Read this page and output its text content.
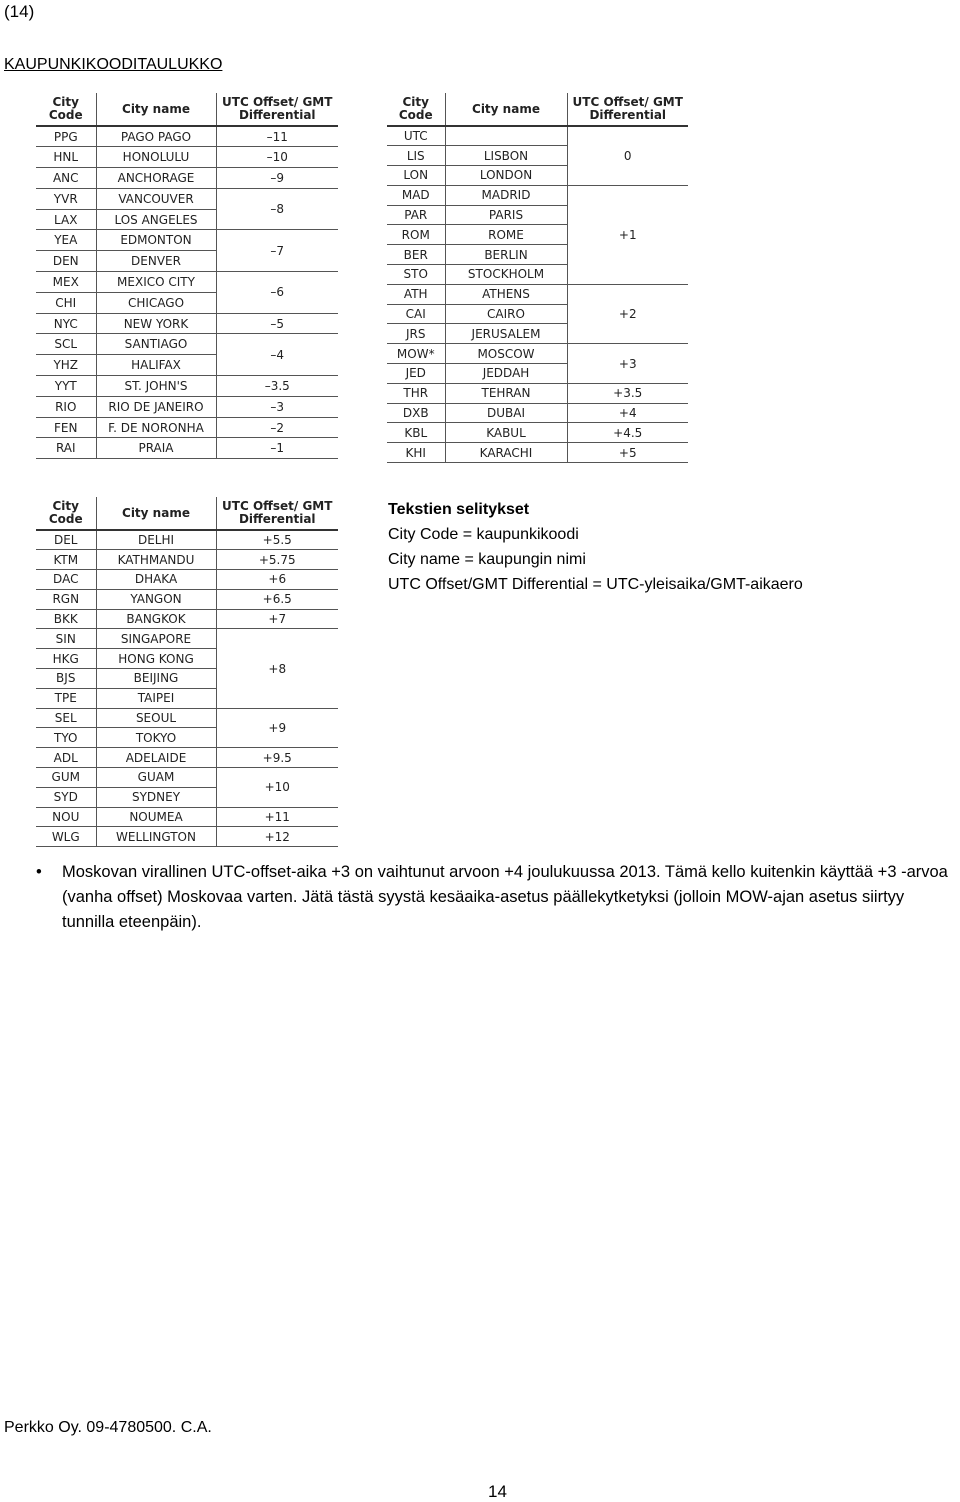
(14)
KAUPUNKIKOODITAULUKKO
City Code	City name	UTC Offset/ GMT Differential
PPG	PAGO PAGO	–11
HNL	HONOLULU	–10
ANC	ANCHORAGE	–9
YVR	VANCOUVER	–8
LAX	LOS ANGELES	
YEA	EDMONTON	–7
DEN	DENVER	
MEX	MEXICO CITY	–6
CHI	CHICAGO	
NYC	NEW YORK	–5
SCL	SANTIAGO	–4
YHZ	HALIFAX	
YYT	ST. JOHN'S	–3.5
RIO	RIO DE JANEIRO	–3
FEN	F. DE NORONHA	–2
RAI	PRAIA	–1
City Code	City name	UTC Offset/ GMT Differential
UTC		0
LIS	LISBON	
LON	LONDON	
MAD	MADRID	+1
PAR	PARIS	
ROM	ROME	
BER	BERLIN	
STO	STOCKHOLM	
ATH	ATHENS	+2
CAI	CAIRO	
JRS	JERUSALEM	
MOW*	MOSCOW	+3
JED	JEDDAH	
THR	TEHRAN	+3.5
DXB	DUBAI	+4
KBL	KABUL	+4.5
KHI	KARACHI	+5
City Code	City name	UTC Offset/ GMT Differential
DEL	DELHI	+5.5
KTM	KATHMANDU	+5.75
DAC	DHAKA	+6
RGN	YANGON	+6.5
BKK	BANGKOK	+7
SIN	SINGAPORE	+8
HKG	HONG KONG	
BJS	BEIJING	
TPE	TAIPEI	
SEL	SEOUL	+9
TYO	TOKYO	
ADL	ADELAIDE	+9.5
GUM	GUAM	+10
SYD	SYDNEY	
NOU	NOUMEA	+11
WLG	WELLINGTON	+12
Tekstien selitykset
City Code = kaupunkikoodi
City name = kaupungin nimi
UTC Offset/GMT Differential = UTC-yleisaika/GMT-aikaero
• Moskovan virallinen UTC-offset-aika +3 on vaihtunut arvoon +4 joulukuussa 2013. Tämä kello kuitenkin käyttää +3 -arvoa (vanha offset) Moskovaa varten. Jätä tästä syystä kesäaika-asetus päällekytketyksi (jolloin MOW-ajan asetus siirtyy tunnilla eteenpäin).
Perkko Oy. 09-4780500. C.A.
14
